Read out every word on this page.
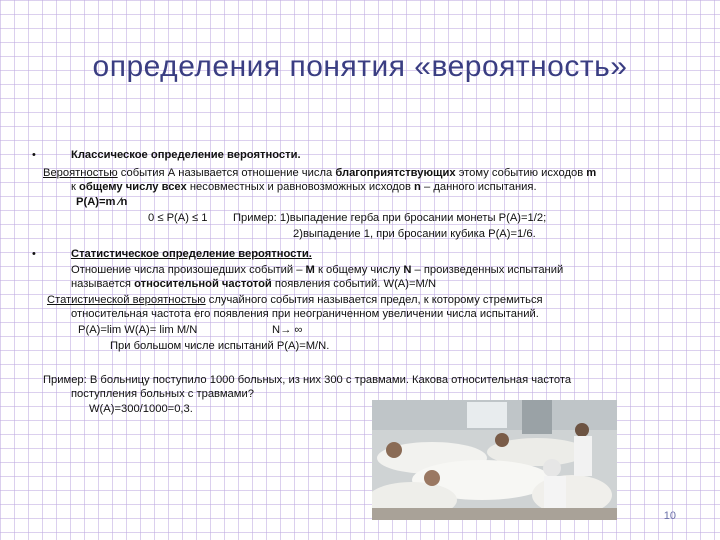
определения понятия «вероятность»
•	Классическое определение вероятности.
Вероятностью события А называется отношение числа благоприятствующих этому событию исходов m
к общему числу всех несовместных и равновозможных исходов n – данного испытания.
P(A)=m ⁄n
0 ≤ P(A) ≤ 1 Пример: 1)выпадение герба при бросании монеты P(A)=1/2;
2)выпадение 1, при бросании кубика P(A)=1/6.
•	Статистическое определение вероятности.
Отношение числа произошедших событий – М к общему числу N – произведенных испытаний
называется относительной частотой появления событий. W(A)=M/N
Статистической вероятностью случайного события называется предел, к которому стремиться
относительная частота его появления при неограниченном увеличении числа испытаний.
P(A)=lim W(A)= lim M/N	N→ ∞
При большом числе испытаний P(A)=M/N.
Пример: В больницу поступило 1000 больных, из них 300 с травмами. Какова относительная частота
поступления больных с травмами?
W(A)=300/1000=0,3.
10
